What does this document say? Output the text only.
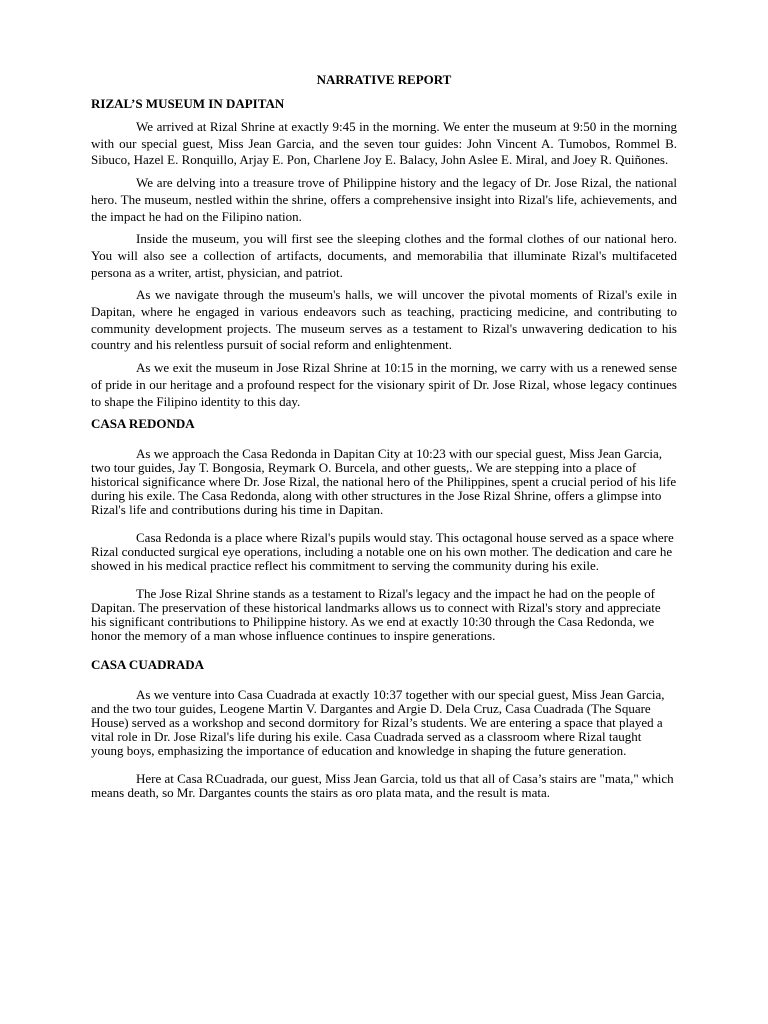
NARRATIVE REPORT
RIZAL’S MUSEUM IN DAPITAN

We arrived at Rizal Shrine at exactly 9:45 in the morning. We enter the museum at 9:50 in the morning with our special guest, Miss Jean Garcia, and the seven tour guides: John Vincent A. Tumobos, Rommel B. Sibuco, Hazel E. Ronquillo, Arjay E. Pon, Charlene Joy E. Balacy, John Aslee E. Miral, and Joey R. Quiñones.

We are delving into a treasure trove of Philippine history and the legacy of Dr. Jose Rizal, the national hero. The museum, nestled within the shrine, offers a comprehensive insight into Rizal's life, achievements, and the impact he had on the Filipino nation.

Inside the museum, you will first see the sleeping clothes and the formal clothes of our national hero. You will also see a collection of artifacts, documents, and memorabilia that illuminate Rizal's multifaceted persona as a writer, artist, physician, and patriot.

As we navigate through the museum's halls, we will uncover the pivotal moments of Rizal's exile in Dapitan, where he engaged in various endeavors such as teaching, practicing medicine, and contributing to community development projects. The museum serves as a testament to Rizal's unwavering dedication to his country and his relentless pursuit of social reform and enlightenment.

As we exit the museum in Jose Rizal Shrine at 10:15 in the morning, we carry with us a renewed sense of pride in our heritage and a profound respect for the visionary spirit of Dr. Jose Rizal, whose legacy continues to shape the Filipino identity to this day.

CASA REDONDA

As we approach the Casa Redonda in Dapitan City at 10:23 with our special guest, Miss Jean Garcia, two tour guides, Jay T. Bongosia, Reymark O. Burcela, and other guests,. We are stepping into a place of historical significance where Dr. Jose Rizal, the national hero of the Philippines, spent a crucial period of his life during his exile. The Casa Redonda, along with other structures in the Jose Rizal Shrine, offers a glimpse into Rizal's life and contributions during his time in Dapitan.

Casa Redonda is a place where Rizal's pupils would stay. This octagonal house served as a space where Rizal conducted surgical eye operations, including a notable one on his own mother. The dedication and care he showed in his medical practice reflect his commitment to serving the community during his exile.

The Jose Rizal Shrine stands as a testament to Rizal's legacy and the impact he had on the people of Dapitan. The preservation of these historical landmarks allows us to connect with Rizal's story and appreciate his significant contributions to Philippine history. As we end at exactly 10:30 through the Casa Redonda, we honor the memory of a man whose influence continues to inspire generations.

CASA CUADRADA

As we venture into Casa Cuadrada at exactly 10:37 together with our special guest, Miss Jean Garcia, and the two tour guides, Leogene Martin V. Dargantes and Argie D. Dela Cruz, Casa Cuadrada (The Square House) served as a workshop and second dormitory for Rizal’s students. We are entering a space that played a vital role in Dr. Jose Rizal's life during his exile. Casa Cuadrada served as a classroom where Rizal taught young boys, emphasizing the importance of education and knowledge in shaping the future generation.

Here at Casa RCuadrada, our guest, Miss Jean Garcia, told us that all of Casa’s stairs are "mata," which means death, so Mr. Dargantes counts the stairs as oro plata mata, and the result is mata.
